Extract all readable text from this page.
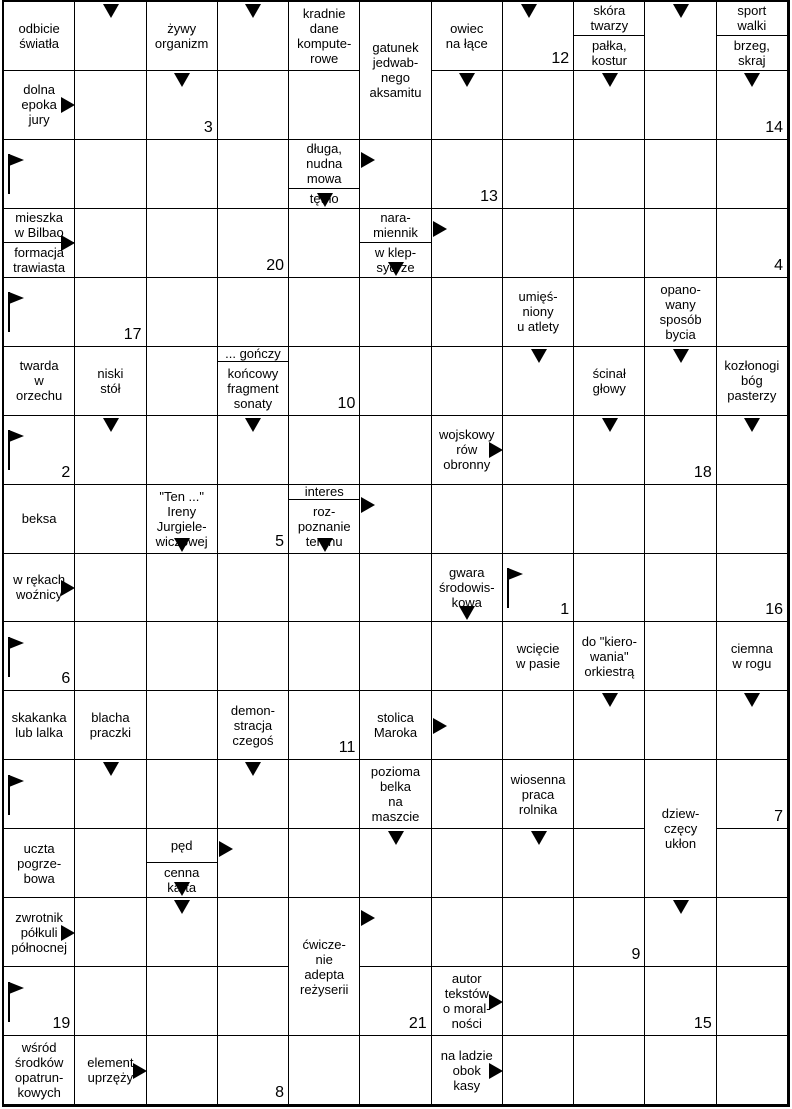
odbicie
światła
żywy
organizm
kradnie
dane
kompute-
rowe
gatunek
jedwab-
nego
aksamitu
owiec
na łące
12
skóra
twarzy
pałka,
kostur
sport
walki
brzeg,
skraj
dolna
epoka
jury	3	14
długa,
nudna
mowa
tętno	13
mieszka
w Bilbao
formacja
trawiasta	20
nara-
miennik
w klep-
sydrze	4
17
umięś-
niony
u atlety
opano-
wany
sposób
bycia
twarda
w
orzechu
niski
stół
... gończy
końcowy
fragment
sonaty	10
ścinał
głowy
kozłonogi
bóg
pasterzy
2
wojskowy
rów
obronny	18
beksa
"Ten ..."
Ireny
Jurgiele-
wiczowej	5
interes
roz-
poznanie
terenu
w rękach
woźnicy
gwara
środowis-
kowa	1	16
6
wcięcie
w pasie
do "kiero-
wania"
orkiestrą
ciemna
w rogu
skakanka
lub lalka
blacha
praczki
demon-
stracja
czegoś	11
stolica
Maroka
pozioma
belka
na
maszcie
wiosenna
praca
rolnika	dziew-
częcy
ukłon
7
uczta
pogrze-
bowa
pęd
cenna
karta
zwrotnik
półkuli
północnej	ćwicze-
nie
adepta
reżyserii
9
19	21
autor
tekstów
o moral-
ności	15
wśród
środków
opatrun-
kowych
element
uprzęży
8
na ladzie
obok
kasy
